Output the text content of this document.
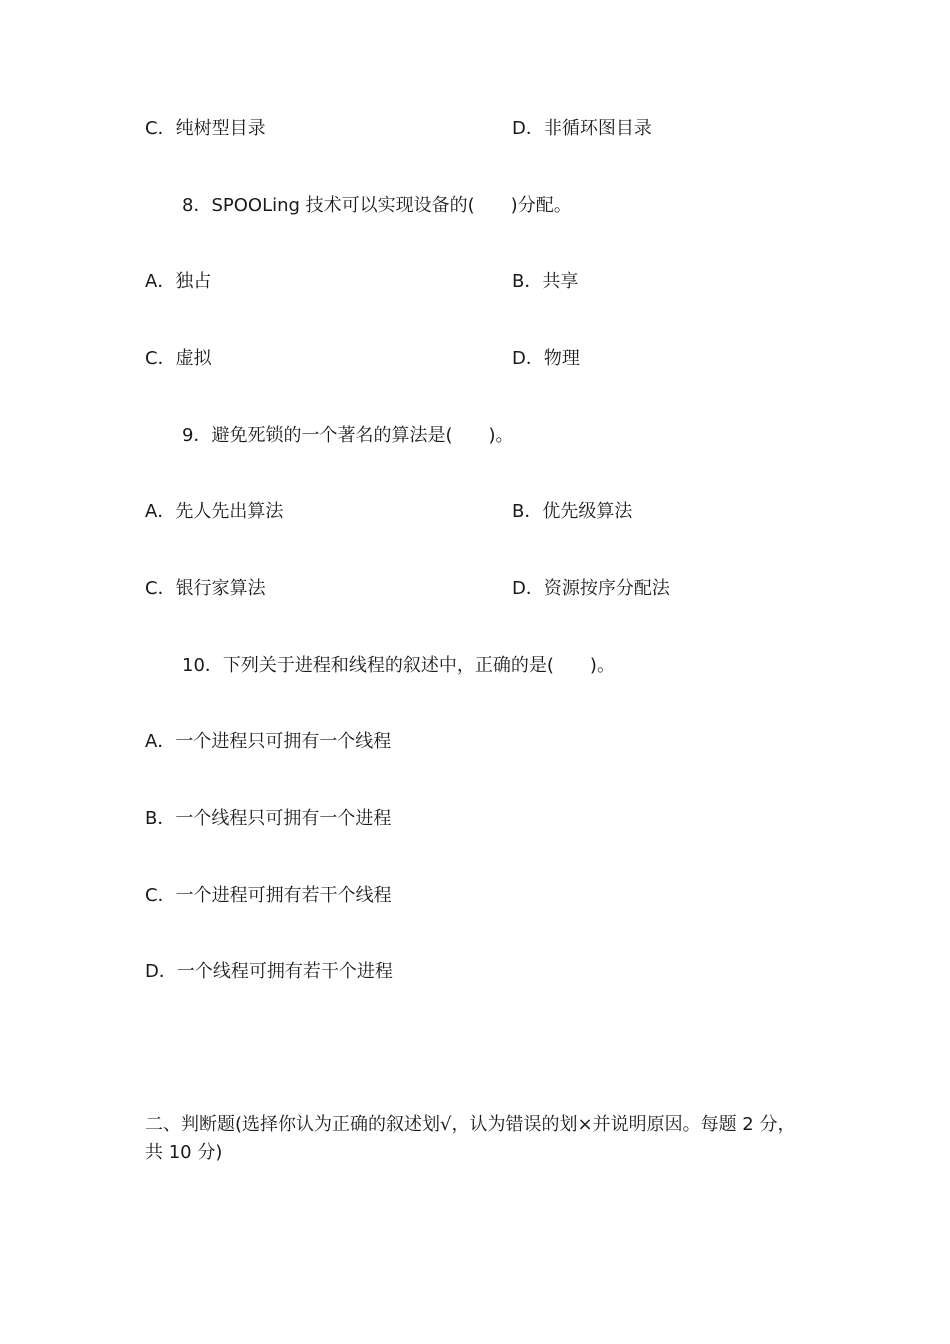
C．纯树型目录	D．非循环图目录
8．SPOOLing 技术可以实现设备的(　　)分配。
A．独占	B．共享
C．虚拟	D．物理
9．避免死锁的一个著名的算法是(　　)。
A．先人先出算法	B．优先级算法
C．银行家算法	D．资源按序分配法
10．下列关于进程和线程的叙述中，正确的是(　　)。
A．一个进程只可拥有一个线程
B．一个线程只可拥有一个进程
C．一个进程可拥有若干个线程
D．一个线程可拥有若干个进程
二、判断题(选择你认为正确的叙述划√，认为错误的划×并说明原因。每题 2 分，
共 10 分)
